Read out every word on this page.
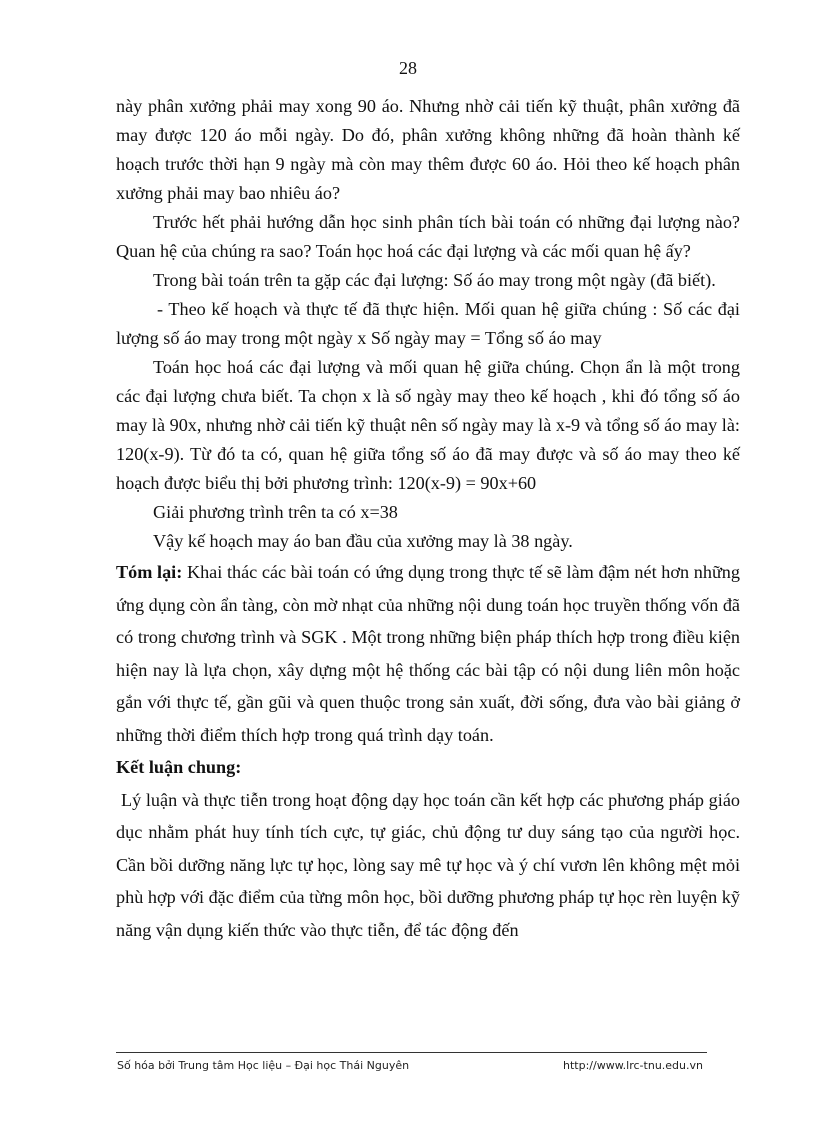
28

này phân xưởng phải may xong 90 áo. Nhưng nhờ cải tiến kỹ thuật, phân xưởng đã may được 120 áo mỗi ngày. Do đó, phân xưởng không những đã hoàn thành kế hoạch trước thời hạn 9 ngày mà còn may thêm được 60 áo. Hỏi theo kế hoạch phân xưởng phải may bao nhiêu áo?

Trước hết phải hướng dẫn học sinh phân tích bài toán có những đại lượng nào? Quan hệ của chúng ra sao? Toán học hoá các đại lượng và các mối quan hệ ấy?

Trong bài toán trên ta gặp các đại lượng: Số áo may trong một ngày (đã biết).

- Theo kế hoạch và thực tế đã thực hiện. Mối quan hệ giữa chúng : Số các đại lượng số áo may trong một ngày x Số ngày may = Tổng số áo may

Toán học hoá các đại lượng và mối quan hệ giữa chúng. Chọn ẩn là một trong các đại lượng chưa biết. Ta chọn x là số ngày may theo kế hoạch , khi đó tổng số áo may là 90x, nhưng nhờ cải tiến kỹ thuật nên số ngày may là x-9 và tổng số áo may là: 120(x-9). Từ đó ta có, quan hệ giữa tổng số áo đã may được và số áo may theo kế hoạch được biểu thị bởi phương trình: 120(x-9) = 90x+60

Giải phương trình trên ta có x=38

Vậy kế hoạch may áo ban đầu của xưởng may là 38 ngày.

Tóm lại: Khai thác các bài toán có ứng dụng trong thực tế sẽ làm đậm nét hơn những ứng dụng còn ẩn tàng, còn mờ nhạt của những nội dung toán học truyền thống vốn đã có trong chương trình và SGK . Một trong những biện pháp thích hợp trong điều kiện hiện nay là lựa chọn, xây dựng một hệ thống các bài tập có nội dung liên môn hoặc gắn với thực tế, gần gũi và quen thuộc trong sản xuất, đời sống, đưa vào bài giảng ở những thời điểm thích hợp trong quá trình dạy toán.

Kết luận chung:

Lý luận và thực tiễn trong hoạt động dạy học toán cần kết hợp các phương pháp giáo dục nhằm phát huy tính tích cực, tự giác, chủ động tư duy sáng tạo của người học. Cần bồi dưỡng năng lực tự học, lòng say mê tự học và ý chí vươn lên không mệt mỏi phù hợp với đặc điểm của từng môn học, bồi dưỡng phương pháp tự học rèn luyện kỹ năng vận dụng kiến thức vào thực tiễn, để tác động đến

Số hóa bởi Trung tâm Học liệu – Đại học Thái Nguyên	http://www.lrc-tnu.edu.vn
